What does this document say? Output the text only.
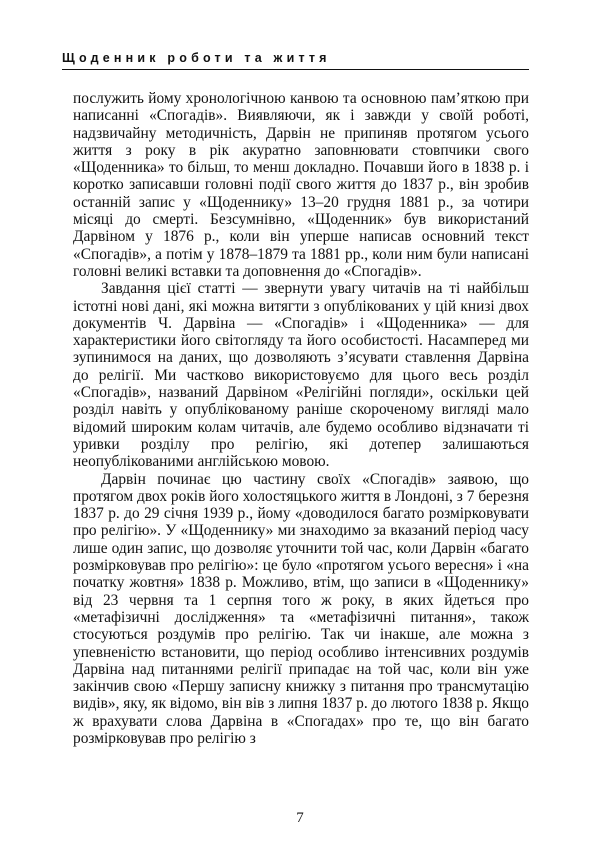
Щоденник роботи та життя

послужить йому хронологічною канвою та основною пам’яткою при написанні «Спогадів». Виявляючи, як і завжди у своїй роботі, надзвичайну методичність, Дарвін не припиняв протягом усього життя з року в рік акуратно заповнювати стовпчики свого «Щоденника» то більш, то менш докладно. Почавши його в 1838 р. і коротко записавши головні події свого життя до 1837 р., він зробив останній запис у «Щоденнику» 13–20 грудня 1881 р., за чотири місяці до смерті. Безсумнівно, «Щоденник» був використаний Дарвіном у 1876 р., коли він уперше написав основний текст «Спогадів», а потім у 1878–1879 та 1881 рр., коли ним були написані головні великі вставки та доповнення до «Спогадів».

Завдання цієї статті — звернути увагу читачів на ті найбільш істотні нові дані, які можна витягти з опублікованих у цій книзі двох документів Ч. Дарвіна — «Спогадів» і «Щоденника» — для характеристики його світогляду та його особистості. Насамперед ми зупинимося на даних, що дозволяють з’ясувати ставлення Дарвіна до релігії. Ми частково використовуємо для цього весь розділ «Спогадів», названий Дарвіном «Релігійні погляди», оскільки цей розділ навіть у опублікованому раніше скороченому вигляді мало відомий широким колам читачів, але будемо особливо відзначати ті уривки розділу про релігію, які дотепер залишаються неопублікованими англійською мовою.

Дарвін починає цю частину своїх «Спогадів» заявою, що протягом двох років його холостяцького життя в Лондоні, з 7 березня 1837 р. до 29 січня 1939 р., йому «доводилося багато розмірковувати про релігію». У «Щоденнику» ми знаходимо за вказаний період часу лише один запис, що дозволяє уточнити той час, коли Дарвін «багато розмірковував про релігію»: це було «протягом усього вересня» і «на початку жовтня» 1838 р. Можливо, втім, що записи в «Щоденнику» від 23 червня та 1 серпня того ж року, в яких йдеться про «метафізичні дослідження» та «метафізичні питання», також стосуються роздумів про релігію. Так чи інакше, але можна з упевненістю встановити, що період особливо інтенсивних роздумів Дарвіна над питаннями релігії припадає на той час, коли він уже закінчив свою «Першу записну книжку з питання про трансмутацію видів», яку, як відомо, він вів з липня 1837 р. до лютого 1838 р. Якщо ж врахувати слова Дарвіна в «Спогадах» про те, що він багато розмірковував про релігію з

7
